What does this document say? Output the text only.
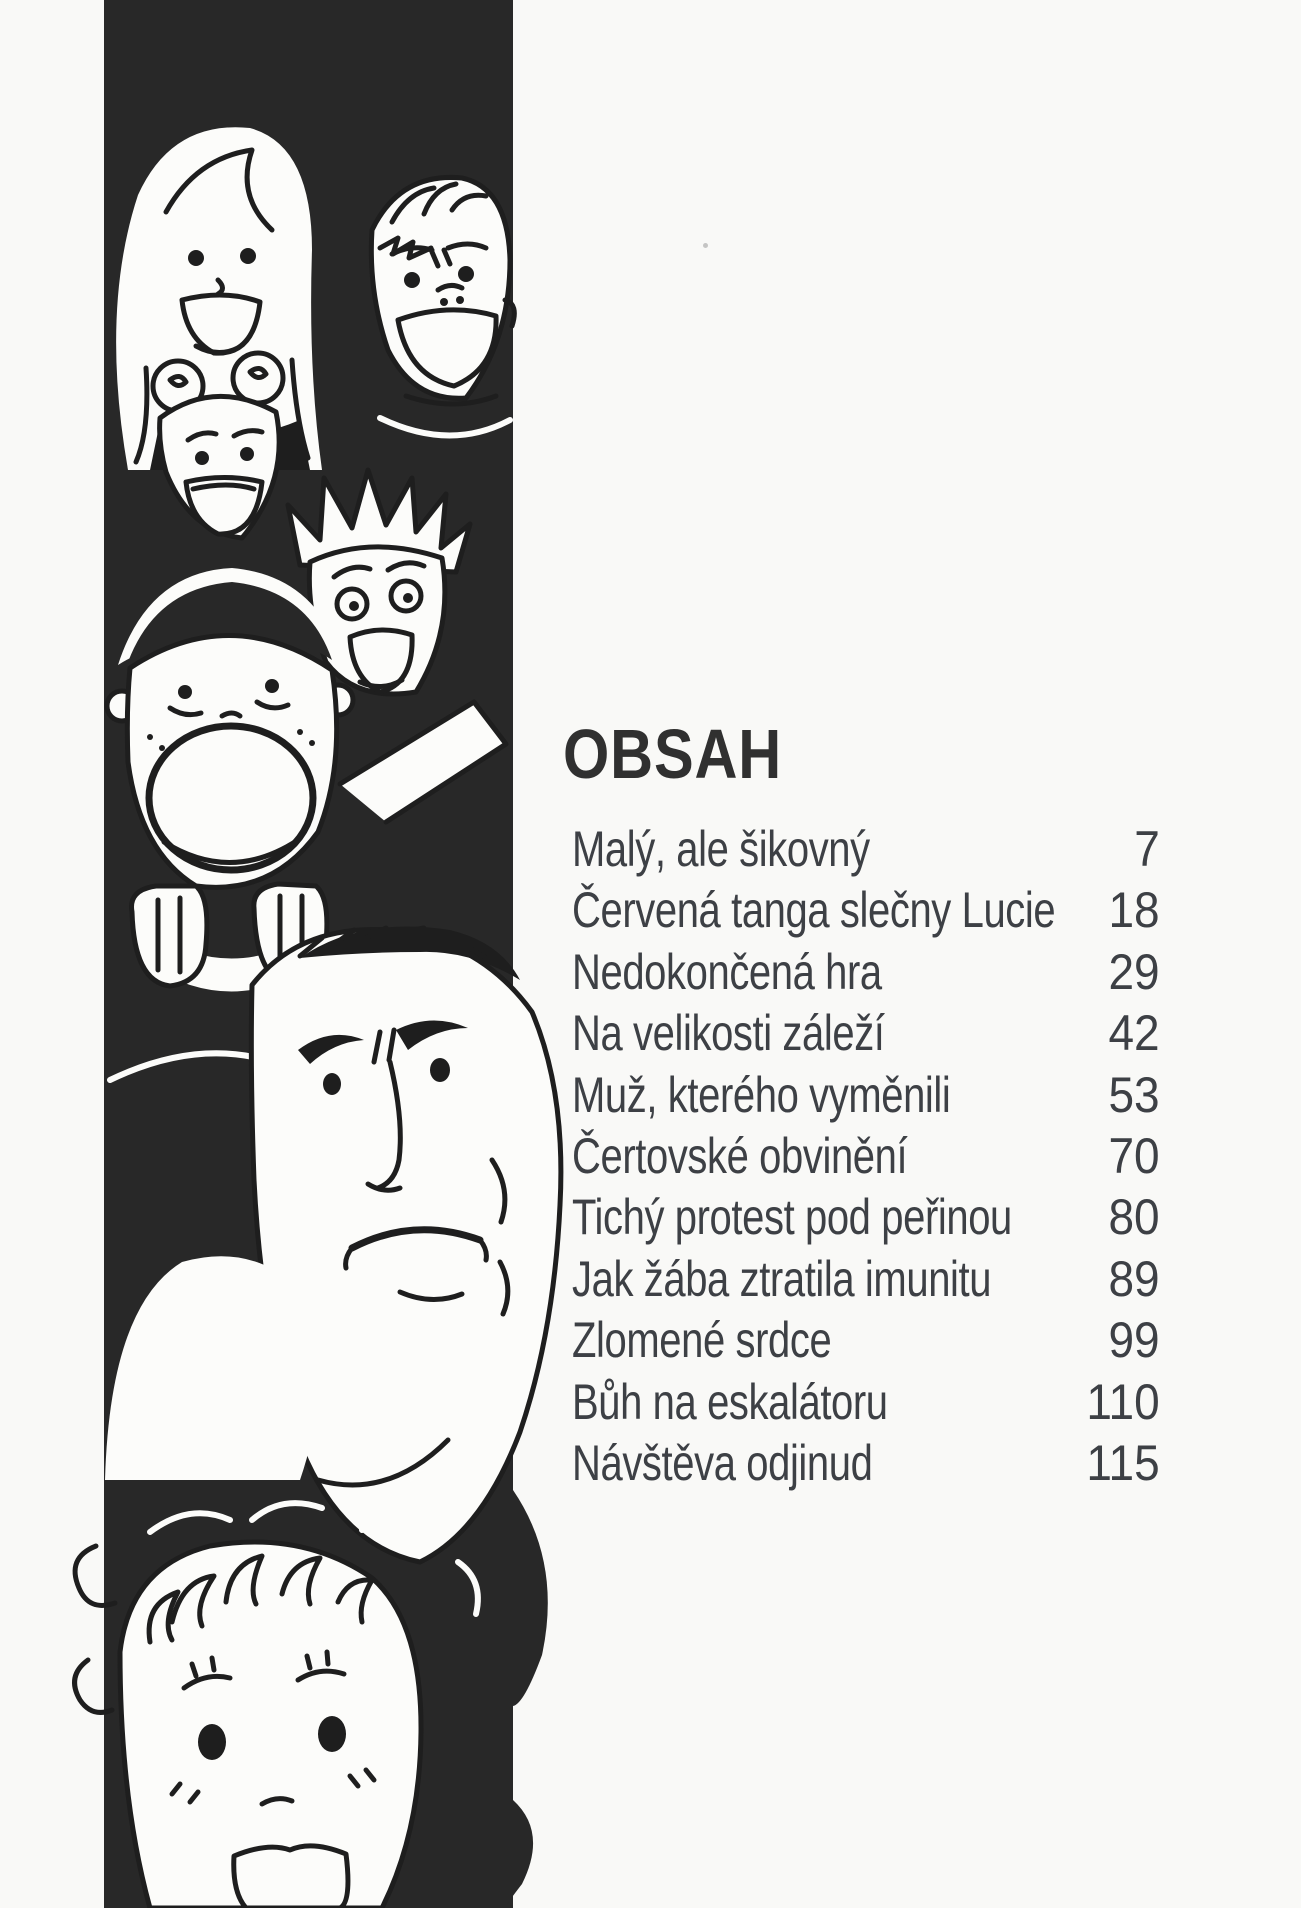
OBSAH
Malý, ale šikovný	7
Červená tanga slečny Lucie 18
Nedokončená hra	29
Na velikosti záleží	42
Muž, kterého vyměnili	53
Čertovské obvinění	70
Tichý protest pod peřinou 80
Jak žába ztratila imunitu 89
Zlomené srdce	99
Bůh na eskalátoru	110
Návštěva odjinud	115
